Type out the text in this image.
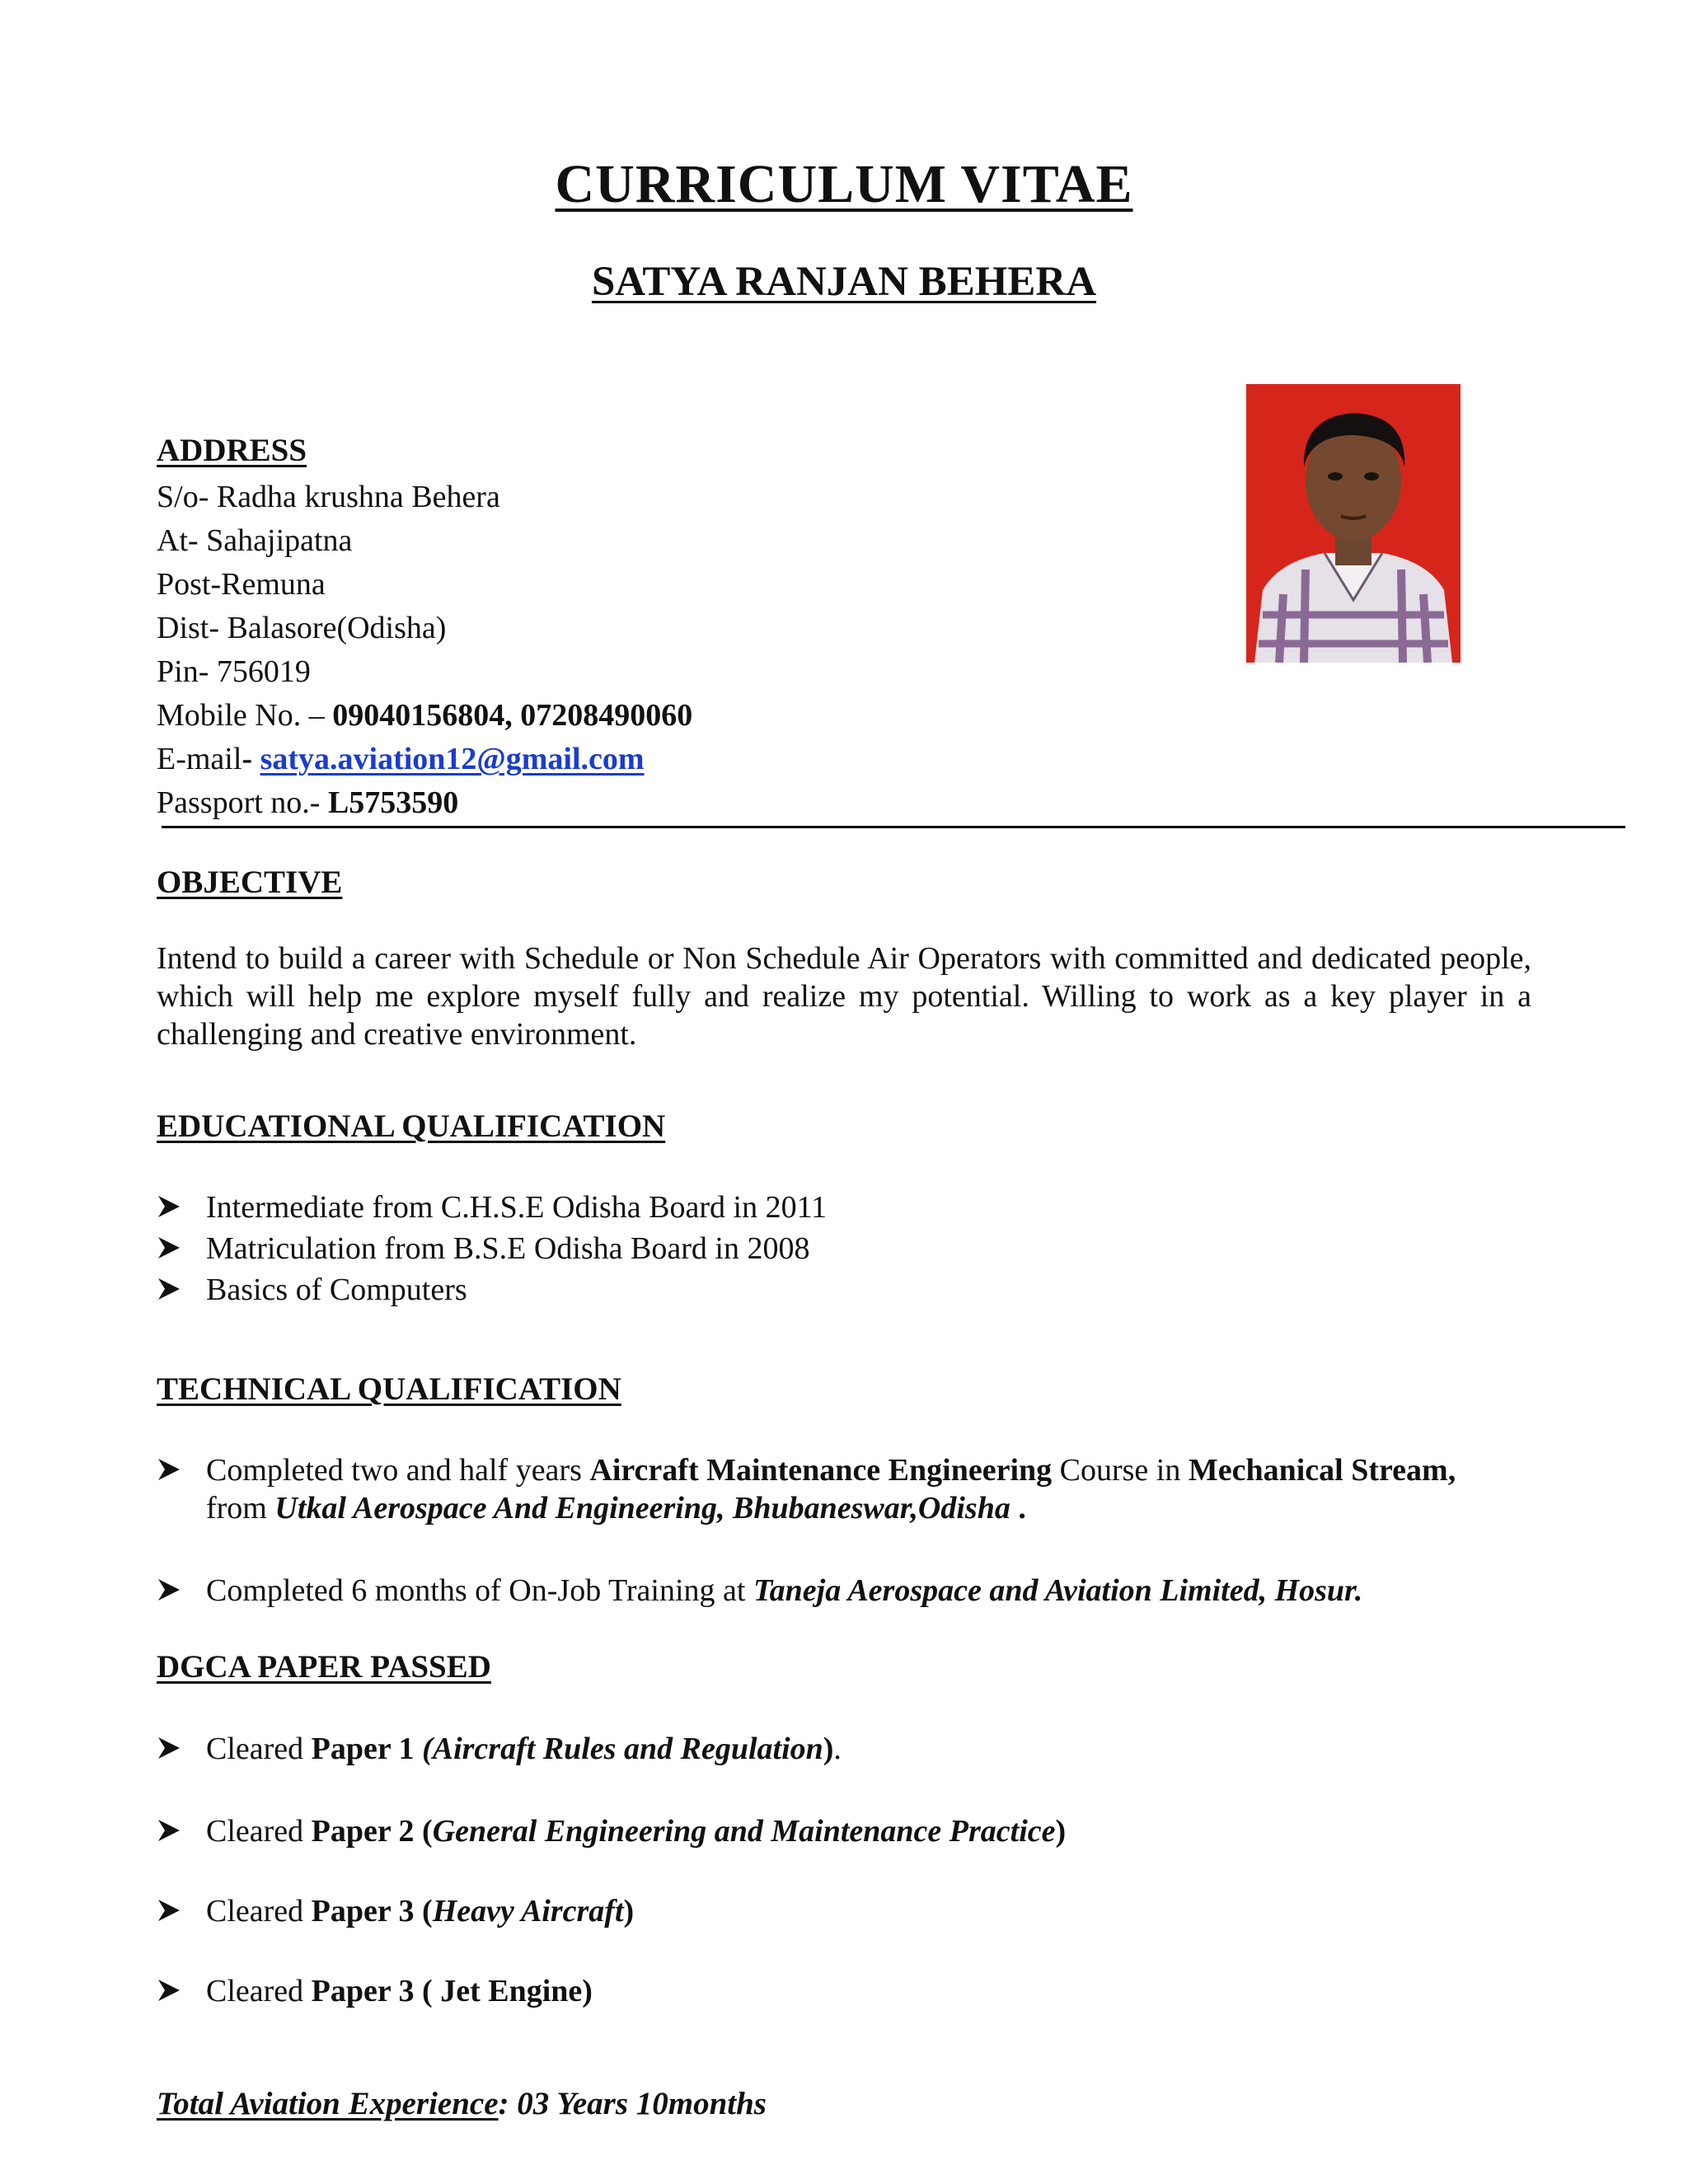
CURRICULUM VITAE
SATYA RANJAN BEHERA
ADDRESS
S/o- Radha krushna Behera
At- Sahajipatna
Post-Remuna
Dist- Balasore(Odisha)
Pin- 756019
Mobile No. – 09040156804, 07208490060
E-mail- satya.aviation12@gmail.com
Passport no.- L5753590
OBJECTIVE
Intend to build a career with Schedule or Non Schedule Air Operators with committed and dedicated people, which will help me explore myself fully and realize my potential. Willing to work as a key player in a challenging and creative environment.
EDUCATIONAL QUALIFICATION
Intermediate from C.H.S.E Odisha Board in 2011
Matriculation from B.S.E Odisha Board in 2008
Basics of Computers
TECHNICAL QUALIFICATION
Completed two and half years Aircraft Maintenance Engineering Course in Mechanical Stream,
from Utkal Aerospace And Engineering, Bhubaneswar,Odisha .
Completed 6 months of On-Job Training at Taneja Aerospace and Aviation Limited, Hosur.
DGCA PAPER PASSED
Cleared Paper 1 (Aircraft Rules and Regulation).
Cleared Paper 2 (General Engineering and Maintenance Practice)
Cleared Paper 3 (Heavy Aircraft)
Cleared Paper 3 ( Jet Engine)
Total Aviation Experience: 03 Years 10months
